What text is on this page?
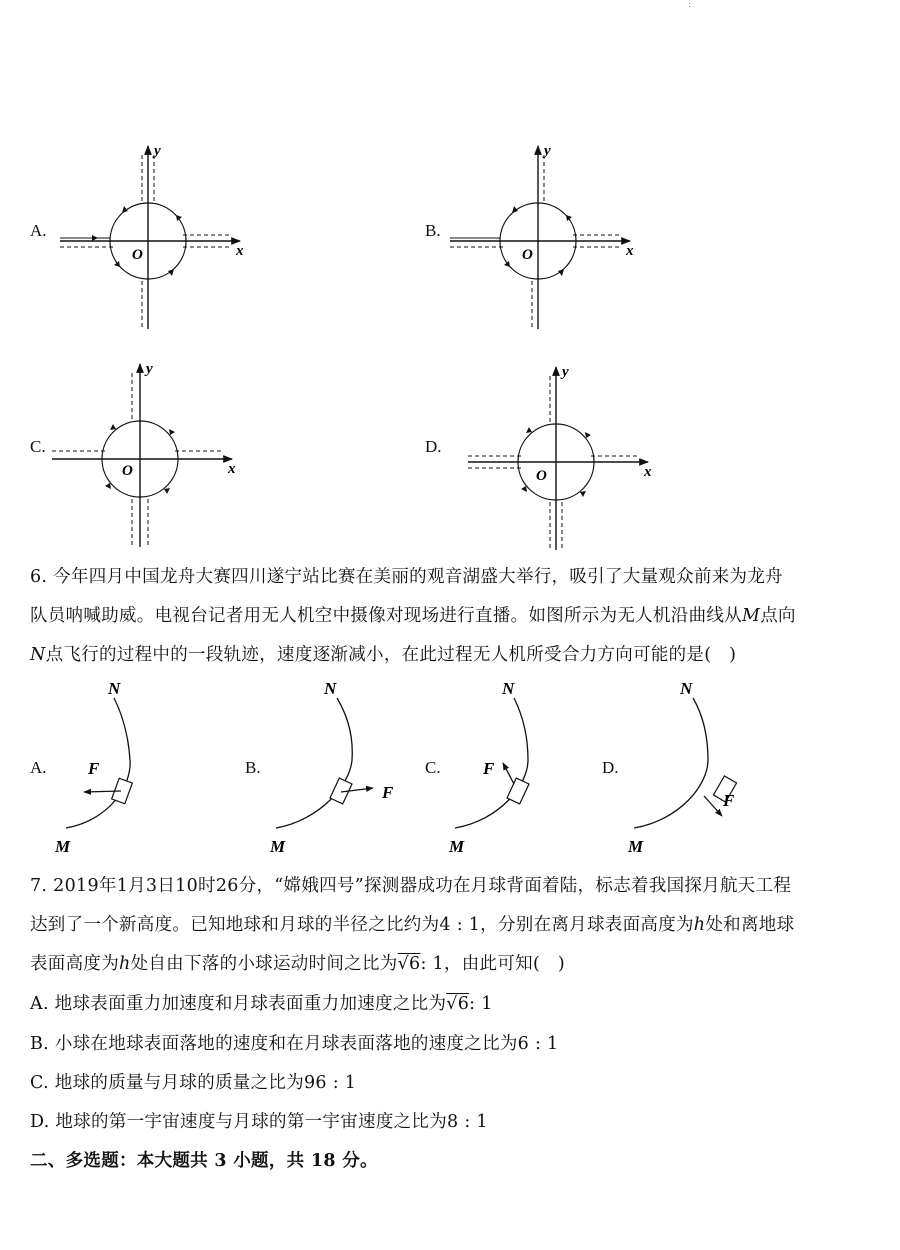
:
A.	B.
C.	D.
O	x
y
O	x
y
O	x
y
O	x
y
6. 今年四月中国龙舟大赛四川遂宁站比赛在美丽的观音湖盛大举行，吸引了大量观众前来为龙舟
队员呐喊助威。电视台记者用无人机空中摄像对现场进行直播。如图所示为无人机沿曲线从M点向
N点飞行的过程中的一段轨迹，速度逐渐减小，在此过程无人机所受合力方向可能的是(　)
A.	B.	C.	D.
F
N
M
F
N
M
F
N
M
F
N
M
7. 2019年1月3日10时26分，“嫦娥四号”探测器成功在月球背面着陆，标志着我国探月航天工程
达到了一个新高度。已知地球和月球的半径之比约为4 : 1，分别在离月球表面高度为h处和离地球
表面高度为h处自由下落的小球运动时间之比为√6: 1，由此可知(　)
A. 地球表面重力加速度和月球表面重力加速度之比为√6: 1
B. 小球在地球表面落地的速度和在月球表面落地的速度之比为6 : 1
C. 地球的质量与月球的质量之比为96 : 1
D. 地球的第一宇宙速度与月球的第一宇宙速度之比为8 : 1
二、多选题：本大题共 3 小题，共 18 分。
